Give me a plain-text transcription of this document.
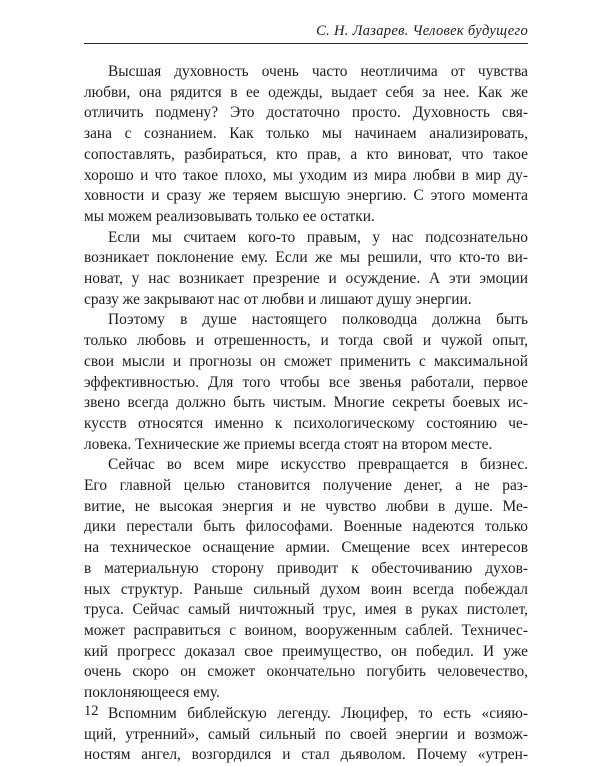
С. Н. Лазарев. Человек будущего

Высшая духовность очень часто неотличима от чувства
любви, она рядится в ее одежды, выдает себя за нее. Как же
отличить подмену? Это достаточно просто. Духовность свя-
зана с сознанием. Как только мы начинаем анализировать,
сопоставлять, разбираться, кто прав, а кто виноват, что такое
хорошо и что такое плохо, мы уходим из мира любви в мир ду-
ховности и сразу же теряем высшую энергию. С этого момента
мы можем реализовывать только ее остатки.

Если мы считаем кого-то правым, у нас подсознательно
возникает поклонение ему. Если же мы решили, что кто-то ви-
новат, у нас возникает презрение и осуждение. А эти эмоции
сразу же закрывают нас от любви и лишают душу энергии.

Поэтому в душе настоящего полководца должна быть
только любовь и отрешенность, и тогда свой и чужой опыт,
свои мысли и прогнозы он сможет применить с максимальной
эффективностью. Для того чтобы все звенья работали, первое
звено всегда должно быть чистым. Многие секреты боевых ис-
кусств относятся именно к психологическому состоянию че-
ловека. Технические же приемы всегда стоят на втором месте.

Сейчас во всем мире искусство превращается в бизнес.
Его главной целью становится получение денег, а не раз-
витие, не высокая энергия и не чувство любви в душе. Ме-
дики перестали быть философами. Военные надеются только
на техническое оснащение армии. Смещение всех интересов
в материальную сторону приводит к обесточиванию духов-
ных структур. Раньше сильный духом воин всегда побеждал
труса. Сейчас самый ничтожный трус, имея в руках пистолет,
может расправиться с воином, вооруженным саблей. Техничес-
кий прогресс доказал свое преимущество, он победил. И уже
очень скоро он сможет окончательно погубить человечество,
поклоняющееся ему.

Вспомним библейскую легенду. Люцифер, то есть «сияю-
щий, утренний», самый сильный по своей энергии и возмож-
ностям ангел, возгордился и стал дьяволом. Почему «утрен-

12
